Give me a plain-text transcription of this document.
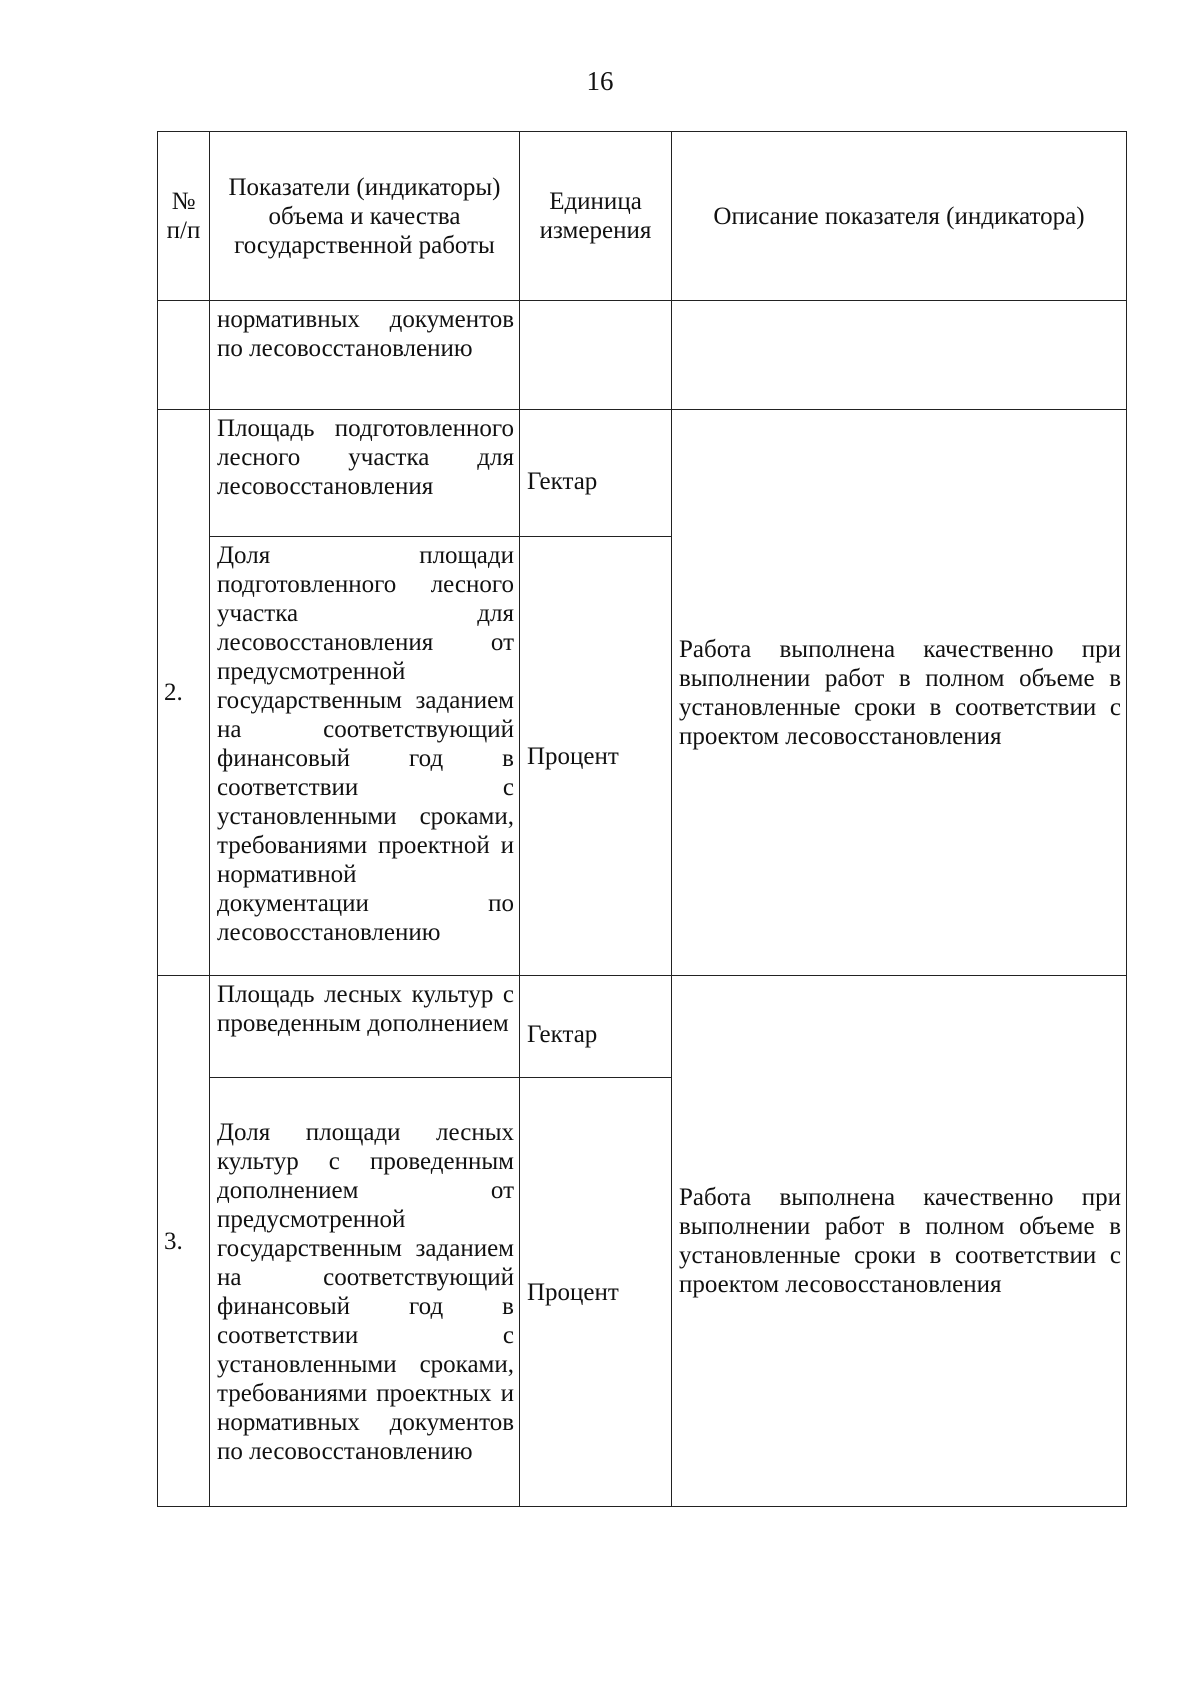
16
№ п/п	Показатели (индикаторы) объема и качества государственной работы	Единица измерения	Описание показателя (индикатора)
	нормативных документов по лесовосстановлению		
2.	Площадь подготовленного лесного участка для лесовосстановления	Гектар	Работа выполнена качественно при выполнении работ в полном объеме в установленные сроки в соответствии с проектом лесовосстановления
	Доля площади подготовленного лесного участка для лесовосстановления от предусмотренной государственным заданием на соответствующий финансовый год в соответствии с установленными сроками, требованиями проектной и нормативной документации по лесовосстановлению	Процент	
3.	Площадь лесных культур с проведенным дополнением	Гектар	Работа выполнена качественно при выполнении работ в полном объеме в установленные сроки в соответствии с проектом лесовосстановления
	Доля площади лесных культур с проведенным дополнением от предусмотренной государственным заданием на соответствующий финансовый год в соответствии с установленными сроками, требованиями проектных и нормативных документов по лесовосстановлению	Процент	
